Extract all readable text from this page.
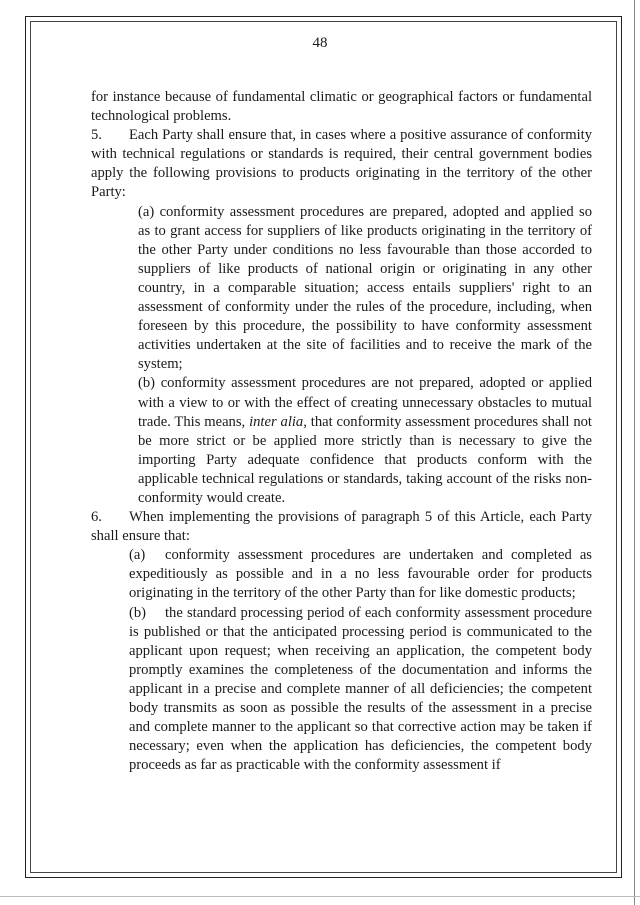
48

for instance because of fundamental climatic or geographical factors or fundamental technological problems.

5. Each Party shall ensure that, in cases where a positive assurance of conformity with technical regulations or standards is required, their central government bodies apply the following provisions to products originating in the territory of the other Party:

(a) conformity assessment procedures are prepared, adopted and applied so as to grant access for suppliers of like products originating in the territory of the other Party under conditions no less favourable than those accorded to suppliers of like products of national origin or originating in any other country, in a comparable situation; access entails suppliers' right to an assessment of conformity under the rules of the procedure, including, when foreseen by this procedure, the possibility to have conformity assessment activities undertaken at the site of facilities and to receive the mark of the system;

(b) conformity assessment procedures are not prepared, adopted or applied with a view to or with the effect of creating unnecessary obstacles to mutual trade. This means, inter alia, that conformity assessment procedures shall not be more strict or be applied more strictly than is necessary to give the importing Party adequate confidence that products conform with the applicable technical regulations or standards, taking account of the risks non-conformity would create.

6. When implementing the provisions of paragraph 5 of this Article, each Party shall ensure that:

(a) conformity assessment procedures are undertaken and completed as expeditiously as possible and in a no less favourable order for products originating in the territory of the other Party than for like domestic products;

(b) the standard processing period of each conformity assessment procedure is published or that the anticipated processing period is communicated to the applicant upon request; when receiving an application, the competent body promptly examines the completeness of the documentation and informs the applicant in a precise and complete manner of all deficiencies; the competent body transmits as soon as possible the results of the assessment in a precise and complete manner to the applicant so that corrective action may be taken if necessary; even when the application has deficiencies, the competent body proceeds as far as practicable with the conformity assessment if
